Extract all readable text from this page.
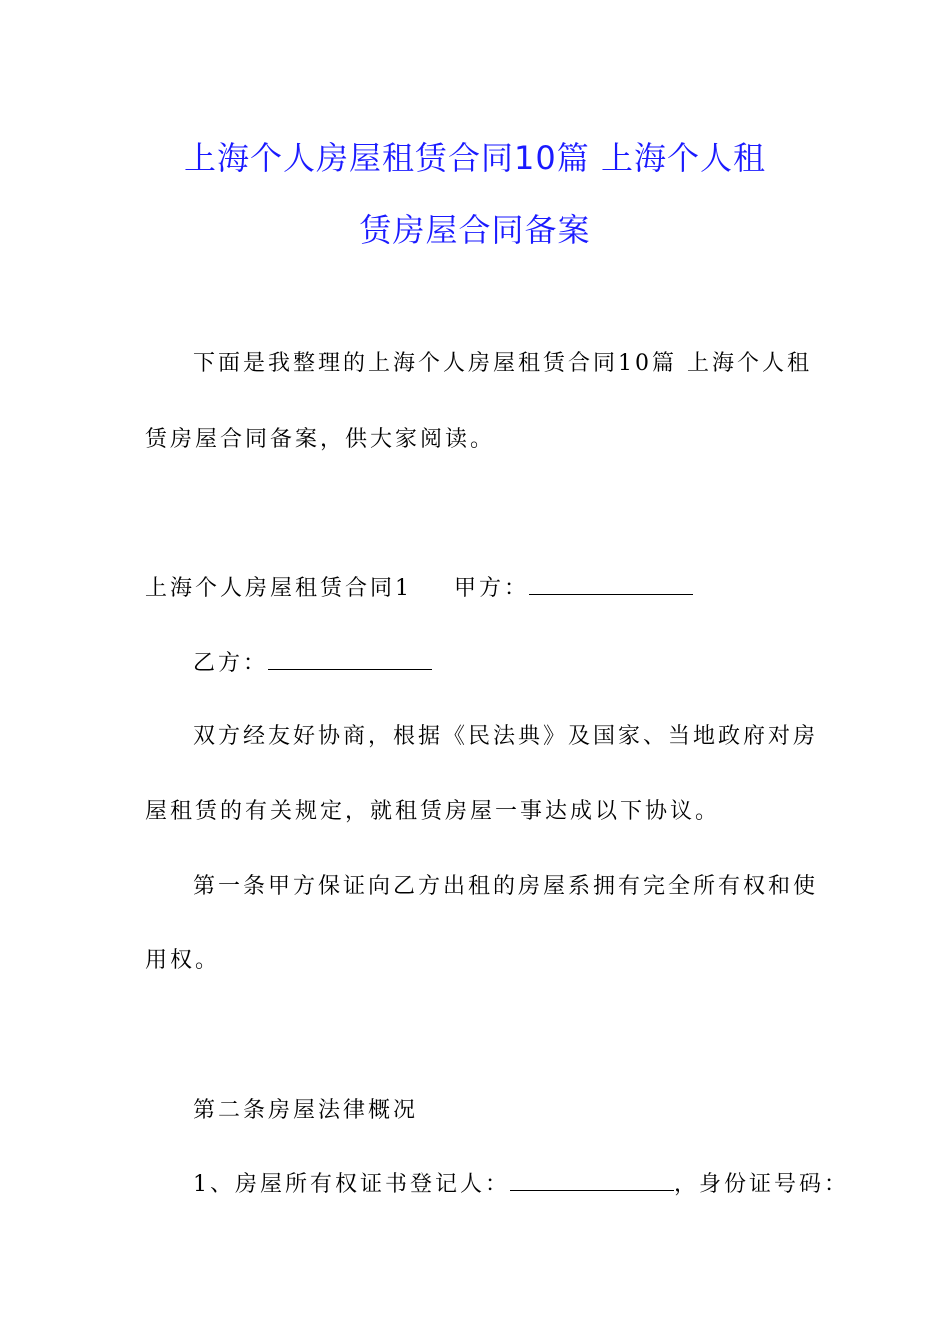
上海个人房屋租赁合同10篇 上海个人租
赁房屋合同备案
下面是我整理的上海个人房屋租赁合同10篇 上海个人租
赁房屋合同备案，供大家阅读。
上海个人房屋租赁合同1 甲方：
乙方：
双方经友好协商，根据《民法典》及国家、当地政府对房
屋租赁的有关规定，就租赁房屋一事达成以下协议。
第一条甲方保证向乙方出租的房屋系拥有完全所有权和使
用权。
第二条房屋法律概况
1、房屋所有权证书登记人：	，身份证号码：
